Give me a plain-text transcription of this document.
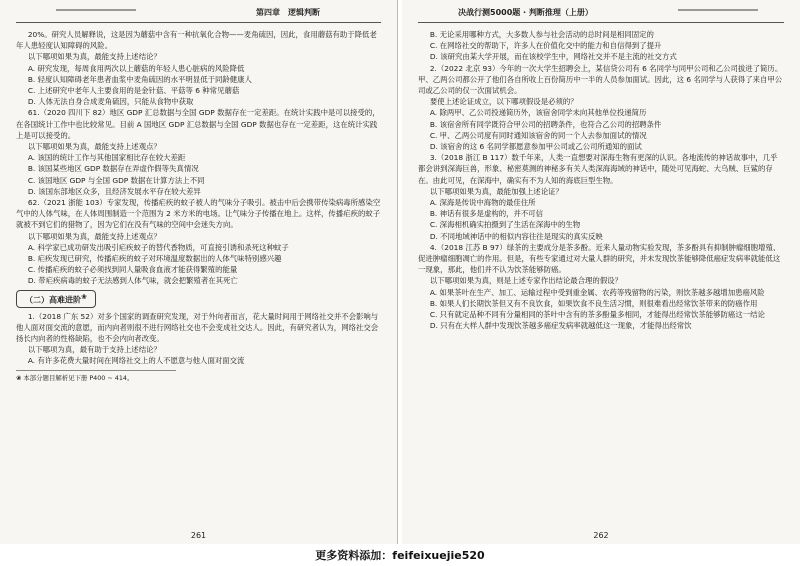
第四章　逻辑判断

20%。研究人员解释说，这是因为蘑菇中含有一种抗氧化合物——麦角硫因，因此，食用蘑菇有助于降低老年人患轻度认知障碍的风险。

以下哪项如果为真，最能支持上述结论？

A. 研究发现，每周食用两次以上蘑菇的年轻人患心脏病的风险降低

B. 轻度认知障碍老年患者血浆中麦角硫因的水平明显低于同龄健康人

C. 上述研究中老年人主要食用的是金针菇、平菇等 6 种常见蘑菇

D. 人体无法自身合成麦角硫因，只能从食物中获取

61.（2020 四川下 82）地区 GDP 汇总数据与全国 GDP 数据存在一定差距。在统计实践中是可以接受的，在各国统计工作中也比较常见。目前 A 国地区 GDP 汇总数据与全国 GDP 数据也存在一定差距，这在统计实践上是可以接受的。

以下哪项如果为真，最能支持上述观点？

A. 该国的统计工作与其他国家相比存在较大差距

B. 该国某些地区 GDP 数据存在弄虚作假等失真情况

C. 该国地区 GDP 与全国 GDP 数据在计算方法上不同

D. 该国东部地区众多，且经济发展水平存在较大差异

62.（2021 浙能 103）专家发现，传播疟疾的蚊子被人的气味分子吸引。被击中后会携带传染病毒所感染空气中的人体气味，在人体周围制造一个范围为 2 米方米的电场。让气味分子传播在地上。这样，传播疟疾的蚊子就被不到它们的猎物了，因为它们在没有气味的空间中会迷失方向。

以下哪项如果为真，最能支持上述观点？

A. 科学家已成功研发出吸引疟疾蚊子的替代香物质，可直接引诱和杀死这种蚊子

B. 疟疾发现已研究，传播疟疾的蚊子对环境温度数据出的人体气味特别感兴趣

C. 传播疟疾的蚊子必须找到同人量吸食血液才能获得繁殖的能量

D. 带疟疾病毒的蚊子无法感到人体气味，就会把繁殖者在其死亡

（二）高难进阶❀

1.（2018 广东 52）对多个国家的调查研究发现，对于外向者而言，花大量时间用于网络社交并不会影响与他人面对面交流的意愿，而内向者则很不进行网络社交也不会变成社交达人。因此，有研究者认为，网络社交会扬长内向者的性格缺陷，也不会内向者改变。

以下哪项为真，最有助于支持上述结论？

A. 有许多花费大量时间在网络社交上的人不愿意与他人面对面交流

❀ 本部分题目解析见下册 P400 ~ 414。
261
决战行测5000题 · 判断推理（上册）

B. 无论采用哪种方式，大多数人参与社会活动的总时间是相同固定的

C. 在网络社交的帮助下，许多人在价值化交中的能力和自信得到了提升

D. 该研究由某大学开展，而在该校学生中，网络社交并不是主流的社交方式

2.（2022 北京 93）今年的一次大学生招聘会上，某信贷公司有 6 名同学与同甲公司和乙公司拔进了简历。甲、乙两公司都公开了他们各自所收上百份简历中一半的人员参加面试。因此，这 6 名同学与人获得了来自甲公司或乙公司的仅一次面试机会。

要使上述论证成立，以下哪项假设是必须的？

A. 除两甲、乙公司投递简历外，该宿舍同学未向其他单位投递简历

B. 该宿舍所有同学既符合甲公司的招聘条件，也符合乙公司的招聘条件

C. 甲、乙两公司度有同时通知该宿舍的同一个人去参加面试的情况

D. 该宿舍的这 6 名同学都愿意参加甲公司或乙公司所通知的面试

3.（2018 浙江 B 117）数千年来，人类一直想要对深海生物有更深的认识。各地流传的神话故事中，几乎都会讲到深海巨兽，形象、秘密莫测的神秘多有关人类深海海域的神话中，随处可见海蛇、大乌贼、巨鲨的存在。由此可见，在深海中，确实有不为人知的海底巨型生物。

以下哪项如果为真，最能加强上述论证？

A. 深海是传说中海物的最佳住所

B. 神话有很多是虚构的，并不可信

C. 深海相机确实拍摄到了生活在深海中的生物

D. 不同地域神话中的相似内容往往是现实的真实反映

4.（2018 江苏 B 97）绿茶的主要成分是茶多酚。近来人量动物实验发现，茶多酚具有抑制肿瘤细胞增殖、促进肿瘤细胞凋亡的作用。但是，有些专家通过对大量人群的研究，并未发现饮茶能够降低癌症发病率就能低这一现象，那此，他们并不认为饮茶能够防癌。

以下哪项如果为真，则是上述专家作出结论最合理的假设？

A. 如果茶叶在生产、加工、运输过程中受到重金属、农药等残留物的污染，则饮茶越多越增加患癌风险

B. 如果人们长期饮茶但又有不良饮食，如果饮食不良生活习惯，则很难看出经常饮茶带来的防癌作用

C. 只有就定品种不同有分量相同的茶叶中含有的茶多酚量多相同，才能得出经常饮茶能够防癌这一结论

D. 只有在大样人群中发现饮茶越多癌症发病率就越低这一现象，才能得出经常饮

262
更多资料添加：feifeixuejie520
